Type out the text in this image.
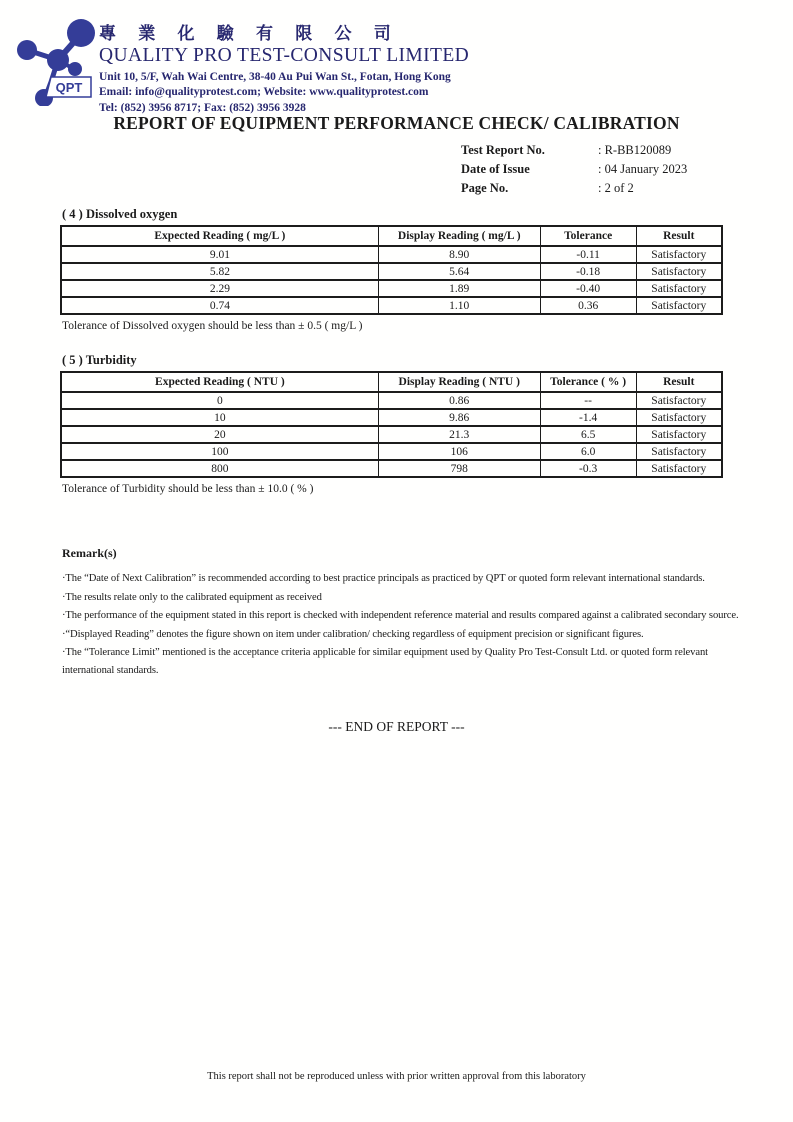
QPT
專 業 化 驗 有 限 公 司
QUALITY PRO TEST-CONSULT LIMITED
Unit 10, 5/F, Wah Wai Centre, 38-40 Au Pui Wan St., Fotan, Hong Kong
Email: info@qualityprotest.com; Website: www.qualityprotest.com
Tel: (852) 3956 8717; Fax: (852) 3956 3928
REPORT OF EQUIPMENT PERFORMANCE CHECK/ CALIBRATION
Test Report No.	: R-BB120089
Date of Issue	: 04 January 2023
Page No.	: 2 of 2
( 4 ) Dissolved oxygen
Expected Reading ( mg/L )	Display Reading ( mg/L )	Tolerance	Result
9.01	8.90	-0.11	Satisfactory
5.82	5.64	-0.18	Satisfactory
2.29	1.89	-0.40	Satisfactory
0.74	1.10	0.36	Satisfactory
Tolerance of Dissolved oxygen should be less than ± 0.5 ( mg/L )
( 5 ) Turbidity
Expected Reading ( NTU )	Display Reading ( NTU )	Tolerance ( % )	Result
0	0.86	--	Satisfactory
10	9.86	-1.4	Satisfactory
20	21.3	6.5	Satisfactory
100	106	6.0	Satisfactory
800	798	-0.3	Satisfactory
Tolerance of Turbidity should be less than ± 10.0 ( % )
Remark(s)

·The “Date of Next Calibration” is recommended according to best practice principals as practiced by QPT or quoted form relevant international standards.

·The results relate only to the calibrated equipment as received

·The performance of the equipment stated in this report is checked with independent reference material and results compared against a calibrated secondary source.

·“Displayed Reading” denotes the figure shown on item under calibration/ checking regardless of equipment precision or significant figures.

·The “Tolerance Limit” mentioned is the acceptance criteria applicable for similar equipment used by Quality Pro Test-Consult Ltd. or quoted form relevant international standards.

--- END OF REPORT ---
This report shall not be reproduced unless with prior written approval from this laboratory
